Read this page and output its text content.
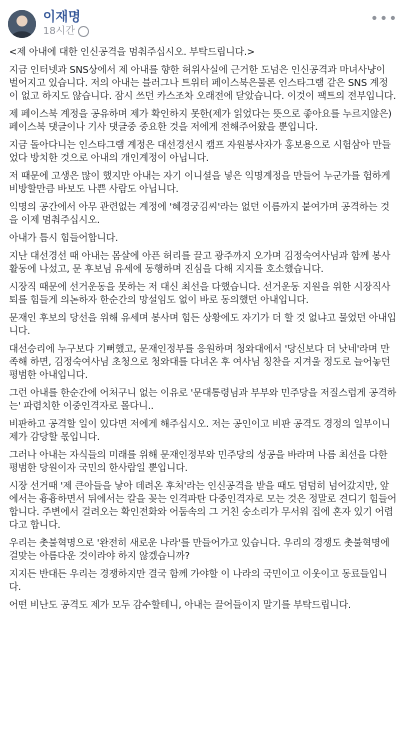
이재명
18시간
•••

<제 아내에 대한 인신공격을 멈춰주십시오. 부탁드립니다.>

지금 인터넷과 SNS상에서 제 아내를 향한 허위사실에 근거한 도넘은 인신공격과 마녀사냥이 벌어지고 있습니다. 저의 아내는 블러그나 트위터 페이스북은물론 인스타그램 같은 SNS 계정이 없고 하지도 않습니다. 잠시 쓰던 카스조차 오래전에 닫았습니다. 이것이 팩트의 전부입니다.

제 페이스북 계정을 공유하며 제가 확인하지 못한(제가 읽었다는 뜻으로 좋아요를 누르지않은) 페이스북 댓글이나 기사 댓글중 중요한 것을 저에게 전해주어왔을 뿐입니다.

지금 돌아다니는 인스타그램 계정은 대선경선시 캠프 자원봉사자가 홍보용으로 시험삼아 만들었다 방치한 것으로 아내의 개인계정이 아닙니다.

저 때문에 고생은 많이 했지만 아내는 자기 이니셜을 넣은 익명계정을 만들어 누군가를 험하게 비방할만큼 바보도 나쁜 사람도 아닙니다.

익명의 공간에서 아무 관련없는 계정에 '혜경궁김씨'라는 없던 이름까지 붙여가며 공격하는 것을 이제 멈춰주십시오.

아내가 틈시 힘들어합니다.

지난 대선경선 때 아내는 몸살에 아픈 허리를 끌고 광주까지 오가며 김정숙여사님과 함께 봉사활동에 나섰고, 문 후보님 유세에 동행하며 진심을 다해 지지를 호소했습니다.

시장직 때문에 선거운동을 못하는 저 대신 최선을 다했습니다. 선거운동 지원을 위한 시장직사퇴를 힘들게 의논하자 한순간의 망설임도 없이 바로 동의했던 아내입니다.

문재인 후보의 당선을 위해 유세며 봉사며 힘든 상황에도 자기가 더 할 것 없냐고 물었던 아내입니다.

대선승리에 누구보다 기뻐했고, 문재인정부를 응원하며 청와대에서 '당신보다 더 낫네'라며 만족해 하면, 김정숙여사님 초청으로 청와대를 다녀온 후 여사님 칭찬을 지겨울 정도로 늘어놓던 평범한 아내입니다.

그런 아내를 한순간에 어처구니 없는 이유로 '문대통령님과 부부와 민주당을 저질스럽게 공격하는' 파렴치한 이중인격자로 몰다니..

비판하고 공격할 일이 있다면 저에게 해주십시오. 저는 공인이고 비판 공격도 경정의 일부이니 제가 감당할 몫입니다.

그러나 아내는 자식들의 미래를 위해 문재인정부와 민주당의 성공을 바라며 나름 최선을 다한 평범한 당원이자 국민의 한사람일 뿐입니다.

시장 선거때 '제 큰아들을 낳아 데려온 후처'라는 인신공격을 받을 때도 덤덤히 넘어갔지만, 앞에서는 흉흉하면서 뒤에서는 칼을 꽂는 인격파탄 다중인격자로 모는 것은 정말로 견디기 힘들어 합니다. 주변에서 걸려오는 확인전화와 어둠속의 그 거친 숭소리가 무서워 집에 혼자 있기 어렵다고 합니다.

우리는 촛불혁명으로 '완전히 새로운 나라'를 만들어가고 있습니다. 우리의 경쟁도 촛불혁명에 걸맞는 아름다운 것이라야 하지 않겠습니까?

지지든 반대든 우리는 경쟁하지만 결국 함께 가야할 이 나라의 국민이고 이웃이고 동료들입니다.

어떤 비난도 공격도 제가 모두 감수할테니, 아내는 끌어들이지 말기를 부탁드립니다.
